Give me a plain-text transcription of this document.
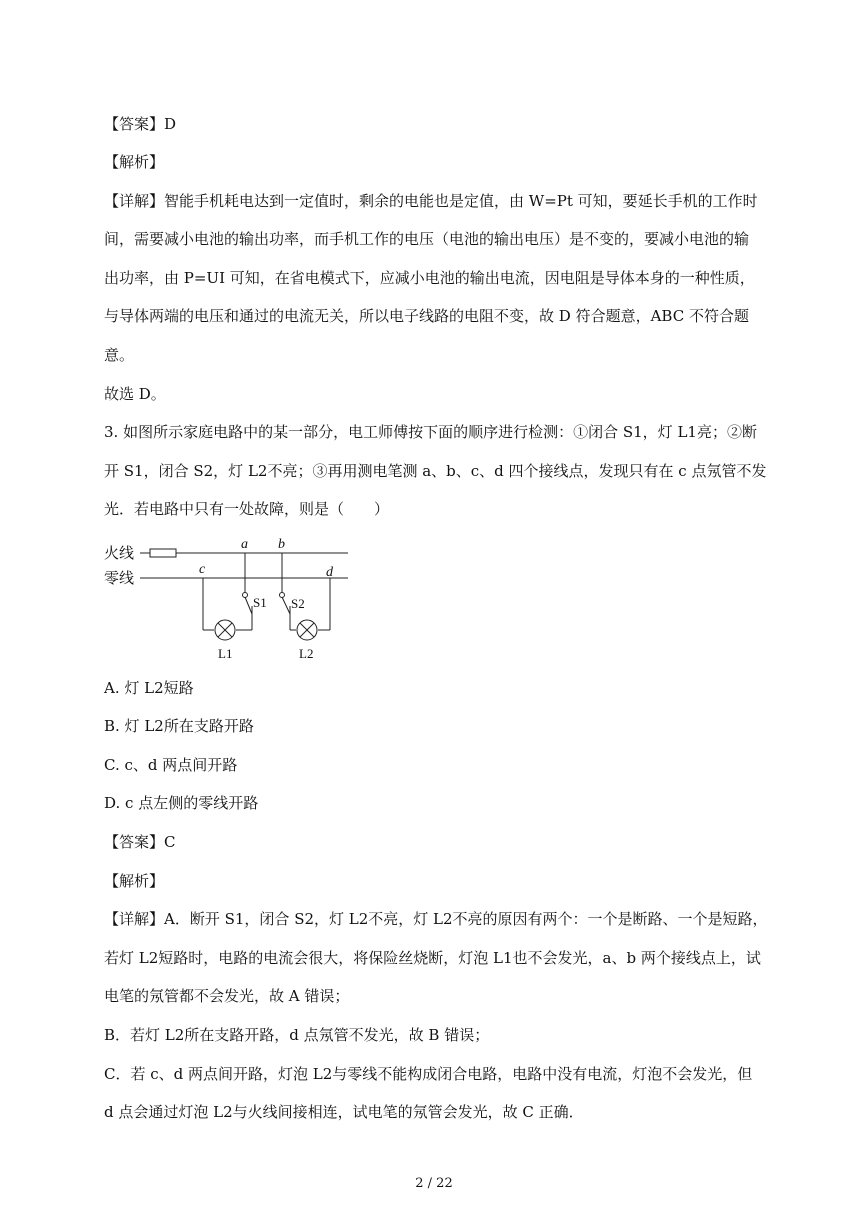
【答案】D
【解析】
【详解】智能手机耗电达到一定值时，剩余的电能也是定值，由 W=Pt 可知，要延长手机的工作时
间，需要减小电池的输出功率，而手机工作的电压（电池的输出电压）是不变的，要减小电池的输
出功率，由 P=UI 可知，在省电模式下，应减小电池的输出电流，因电阻是导体本身的一种性质，
与导体两端的电压和通过的电流无关，所以电子线路的电阻不变，故 D 符合题意，ABC 不符合题
意。
故选 D。
3. 如图所示家庭电路中的某一部分，电工师傅按下面的顺序进行检测：①闭合 S1，灯 L1亮；②断
开 S1，闭合 S2，灯 L2不亮；③再用测电笔测 a、b、c、d 四个接线点，发现只有在 c 点氖管不发
光．若电路中只有一处故障，则是（　　）
火线
零线
a b
c	d
S1 S2
L1	L2
A. 灯 L2短路
B. 灯 L2所在支路开路
C. c、d 两点间开路
D. c 点左侧的零线开路
【答案】C
【解析】
【详解】A．断开 S1，闭合 S2，灯 L2不亮，灯 L2不亮的原因有两个：一个是断路、一个是短路，
若灯 L2短路时，电路的电流会很大，将保险丝烧断，灯泡 L1也不会发光，a、b 两个接线点上，试
电笔的氖管都不会发光，故 A 错误；
B．若灯 L2所在支路开路，d 点氖管不发光，故 B 错误；
C．若 c、d 两点间开路，灯泡 L2与零线不能构成闭合电路，电路中没有电流，灯泡不会发光，但
d 点会通过灯泡 L2与火线间接相连，试电笔的氖管会发光，故 C 正确．
2 / 22
